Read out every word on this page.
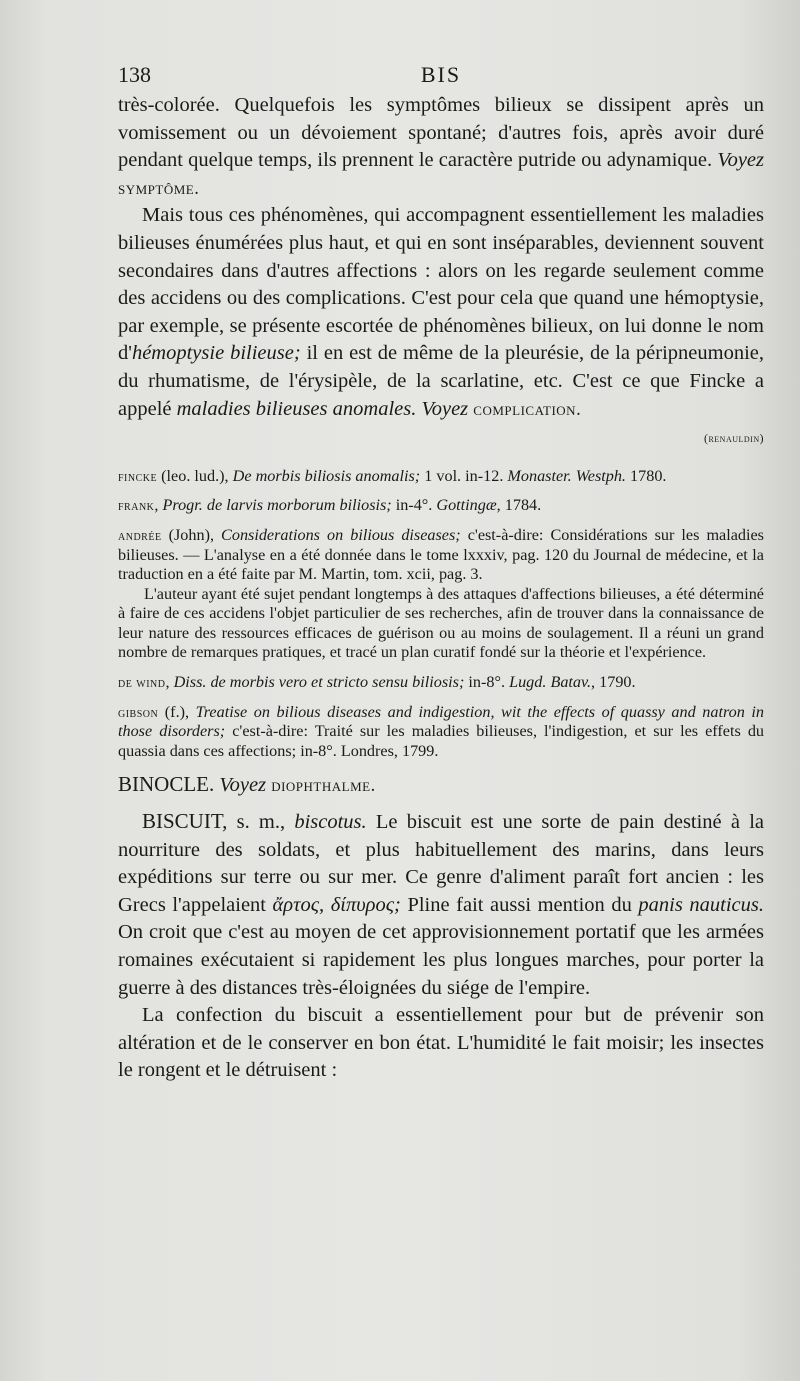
138	BIS

très-colorée. Quelquefois les symptômes bilieux se dissipent après un vomissement ou un dévoiement spontané; d'autres fois, après avoir duré pendant quelque temps, ils prennent le caractère putride ou adynamique. Voyez symptôme.

Mais tous ces phénomènes, qui accompagnent essentiellement les maladies bilieuses énumérées plus haut, et qui en sont inséparables, deviennent souvent secondaires dans d'autres affections : alors on les regarde seulement comme des accidens ou des complications. C'est pour cela que quand une hémoptysie, par exemple, se présente escortée de phénomènes bilieux, on lui donne le nom d'hémoptysie bilieuse; il en est de même de la pleurésie, de la péripneumonie, du rhumatisme, de l'érysipèle, de la scarlatine, etc. C'est ce que Fincke a appelé maladies bilieuses anomales. Voyez complication.

(renauldin)
fincke (leo. lud.), De morbis biliosis anomalis; 1 vol. in-12. Monaster. Westph. 1780.
frank, Progr. de larvis morborum biliosis; in-4°. Gottingæ, 1784.
andrée (John), Considerations on bilious diseases; c'est-à-dire: Considérations sur les maladies bilieuses. — L'analyse en a été donnée dans le tome lxxxiv, pag. 120 du Journal de médecine, et la traduction en a été faite par M. Martin, tom. xcii, pag. 3.

L'auteur ayant été sujet pendant longtemps à des attaques d'affections bilieuses, a été déterminé à faire de ces accidens l'objet particulier de ses recherches, afin de trouver dans la connaissance de leur nature des ressources efficaces de guérison ou au moins de soulagement. Il a réuni un grand nombre de remarques pratiques, et tracé un plan curatif fondé sur la théorie et l'expérience.

de wind, Diss. de morbis vero et stricto sensu biliosis; in-8°. Lugd. Batav., 1790.
gibson (f.), Treatise on bilious diseases and indigestion, wit the effects of quassy and natron in those disorders; c'est-à-dire: Traité sur les maladies bilieuses, l'indigestion, et sur les effets du quassia dans ces affections; in-8°. Londres, 1799.

BINOCLE. Voyez diophthalme.

BISCUIT, s. m., biscotus. Le biscuit est une sorte de pain destiné à la nourriture des soldats, et plus habituellement des marins, dans leurs expéditions sur terre ou sur mer. Ce genre d'aliment paraît fort ancien : les Grecs l'appelaient ἄρτος, δίπυρος; Pline fait aussi mention du panis nauticus. On croit que c'est au moyen de cet approvisionnement portatif que les armées romaines exécutaient si rapidement les plus longues marches, pour porter la guerre à des distances très-éloignées du siége de l'empire.

La confection du biscuit a essentiellement pour but de prévenir son altération et de le conserver en bon état. L'humidité le fait moisir; les insectes le rongent et le détruisent :
